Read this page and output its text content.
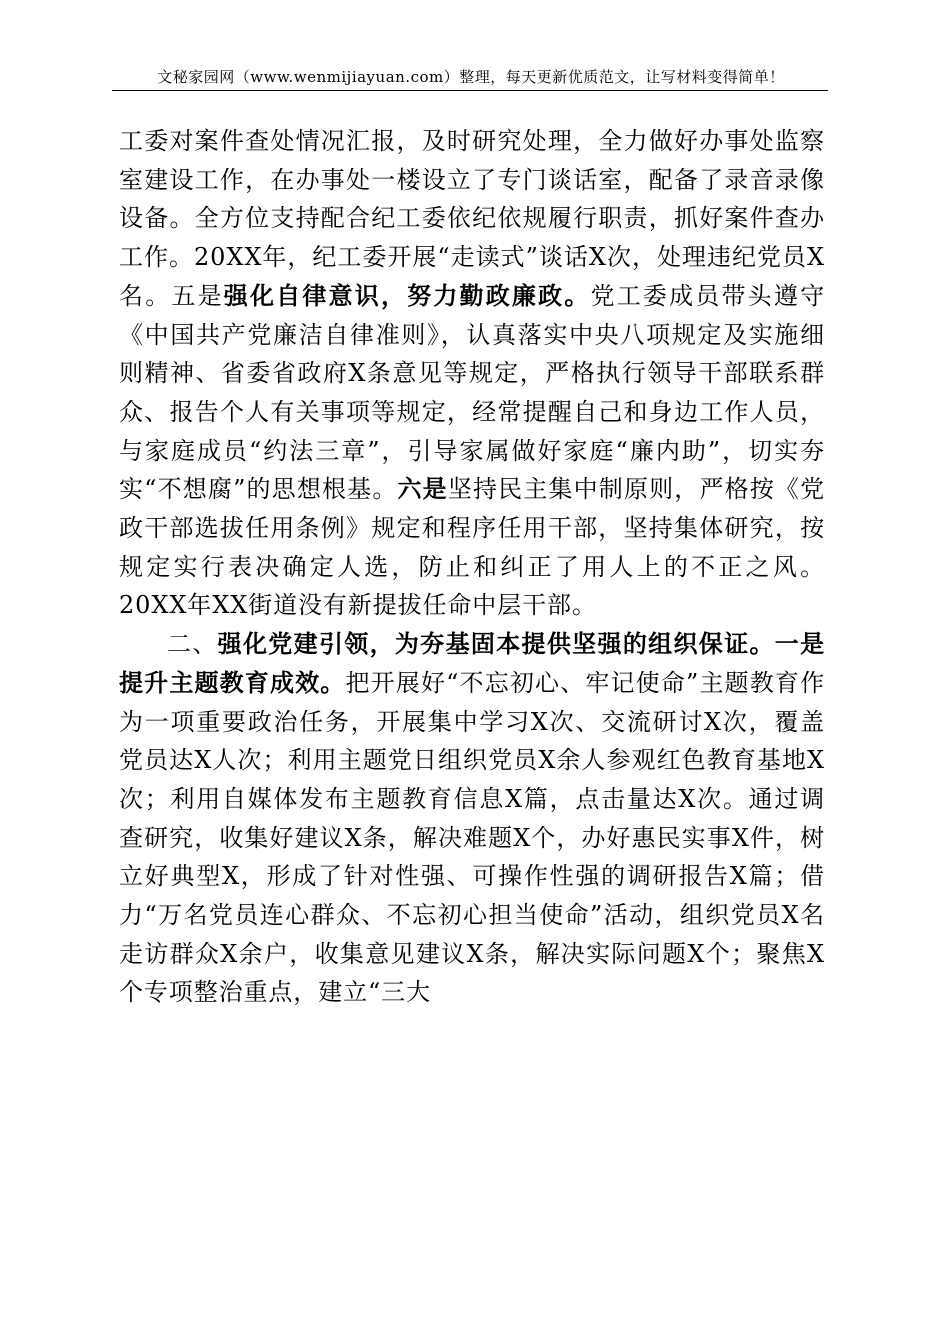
文秘家园网（www.wenmijiayuan.com）整理，每天更新优质范文，让写材料变得简单！

工委对案件查处情况汇报，及时研究处理，全力做好办事处监察室建设工作，在办事处一楼设立了专门谈话室，配备了录音录像设备。全方位支持配合纪工委依纪依规履行职责，抓好案件查办工作。20XX年，纪工委开展“走读式”谈话X次，处理违纪党员X名。五是强化自律意识，努力勤政廉政。党工委成员带头遵守《中国共产党廉洁自律准则》，认真落实中央八项规定及实施细则精神、省委省政府X条意见等规定，严格执行领导干部联系群众、报告个人有关事项等规定，经常提醒自己和身边工作人员，与家庭成员“约法三章”，引导家属做好家庭“廉内助”，切实夯实“不想腐”的思想根基。六是坚持民主集中制原则，严格按《党政干部选拔任用条例》规定和程序任用干部，坚持集体研究，按规定实行表决确定人选，防止和纠正了用人上的不正之风。20XX年XX街道没有新提拔任命中层干部。

二、强化党建引领，为夯基固本提供坚强的组织保证。一是提升主题教育成效。把开展好“不忘初心、牢记使命”主题教育作为一项重要政治任务，开展集中学习X次、交流研讨X次，覆盖党员达X人次；利用主题党日组织党员X余人参观红色教育基地X次；利用自媒体发布主题教育信息X篇，点击量达X次。通过调查研究，收集好建议X条，解决难题X个，办好惠民实事X件，树立好典型X，形成了针对性强、可操作性强的调研报告X篇；借力“万名党员连心群众、不忘初心担当使命”活动，组织党员X名走访群众X余户，收集意见建议X条，解决实际问题X个；聚焦X个专项整治重点，建立“三大
